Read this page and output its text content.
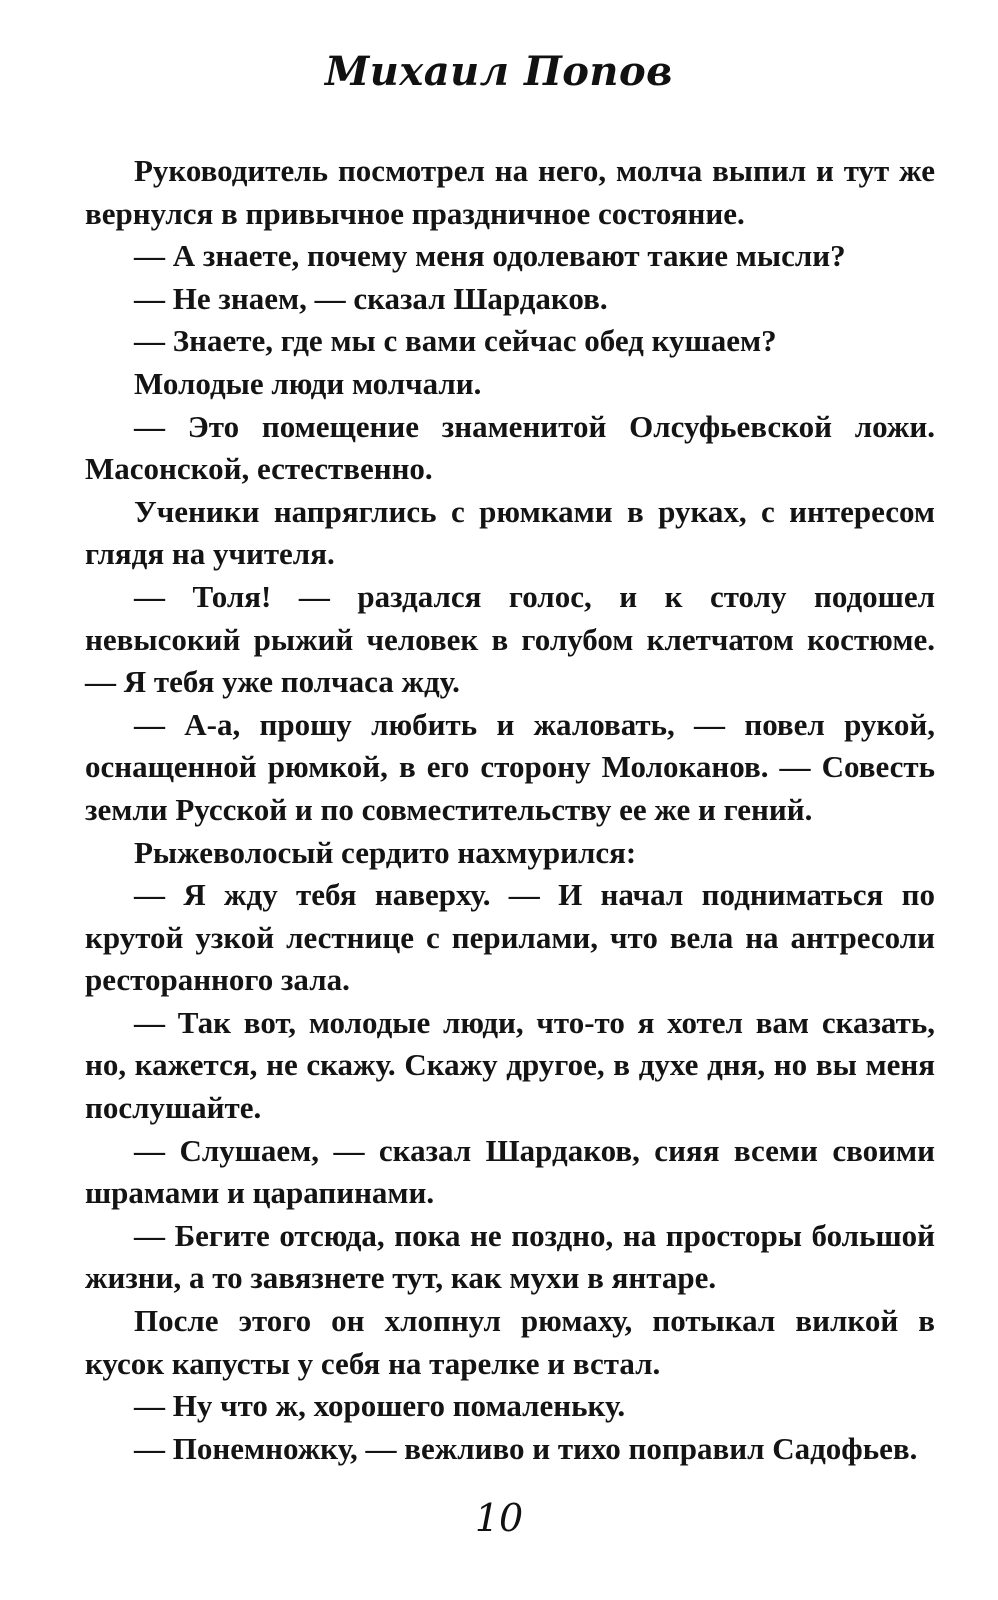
Михаил Попов

Руководитель посмотрел на него, молча выпил и тут же вернулся в привычное праздничное состояние.

— А знаете, почему меня одолевают такие мысли?

— Не знаем, — сказал Шардаков.

— Знаете, где мы с вами сейчас обед кушаем?

Молодые люди молчали.

— Это помещение знаменитой Олсуфьевской ложи. Масонской, естественно.

Ученики напряглись с рюмками в руках, с интересом глядя на учителя.

— Толя! — раздался голос, и к столу подошел невысокий рыжий человек в голубом клетчатом костюме. — Я тебя уже полчаса жду.

— А-а, прошу любить и жаловать, — повел рукой, оснащенной рюмкой, в его сторону Молоканов. — Совесть земли Русской и по совместительству ее же и гений.

Рыжеволосый сердито нахмурился:

— Я жду тебя наверху. — И начал подниматься по крутой узкой лестнице с перилами, что вела на антресоли ресторанного зала.

— Так вот, молодые люди, что-то я хотел вам сказать, но, кажется, не скажу. Скажу другое, в духе дня, но вы меня послушайте.

— Слушаем, — сказал Шардаков, сияя всеми своими шрамами и царапинами.

— Бегите отсюда, пока не поздно, на просторы большой жизни, а то завязнете тут, как мухи в янтаре.

После этого он хлопнул рюмаху, потыкал вилкой в кусок капусты у себя на тарелке и встал.

— Ну что ж, хорошего помаленьку.

— Понемножку, — вежливо и тихо поправил Садофьев.

10
